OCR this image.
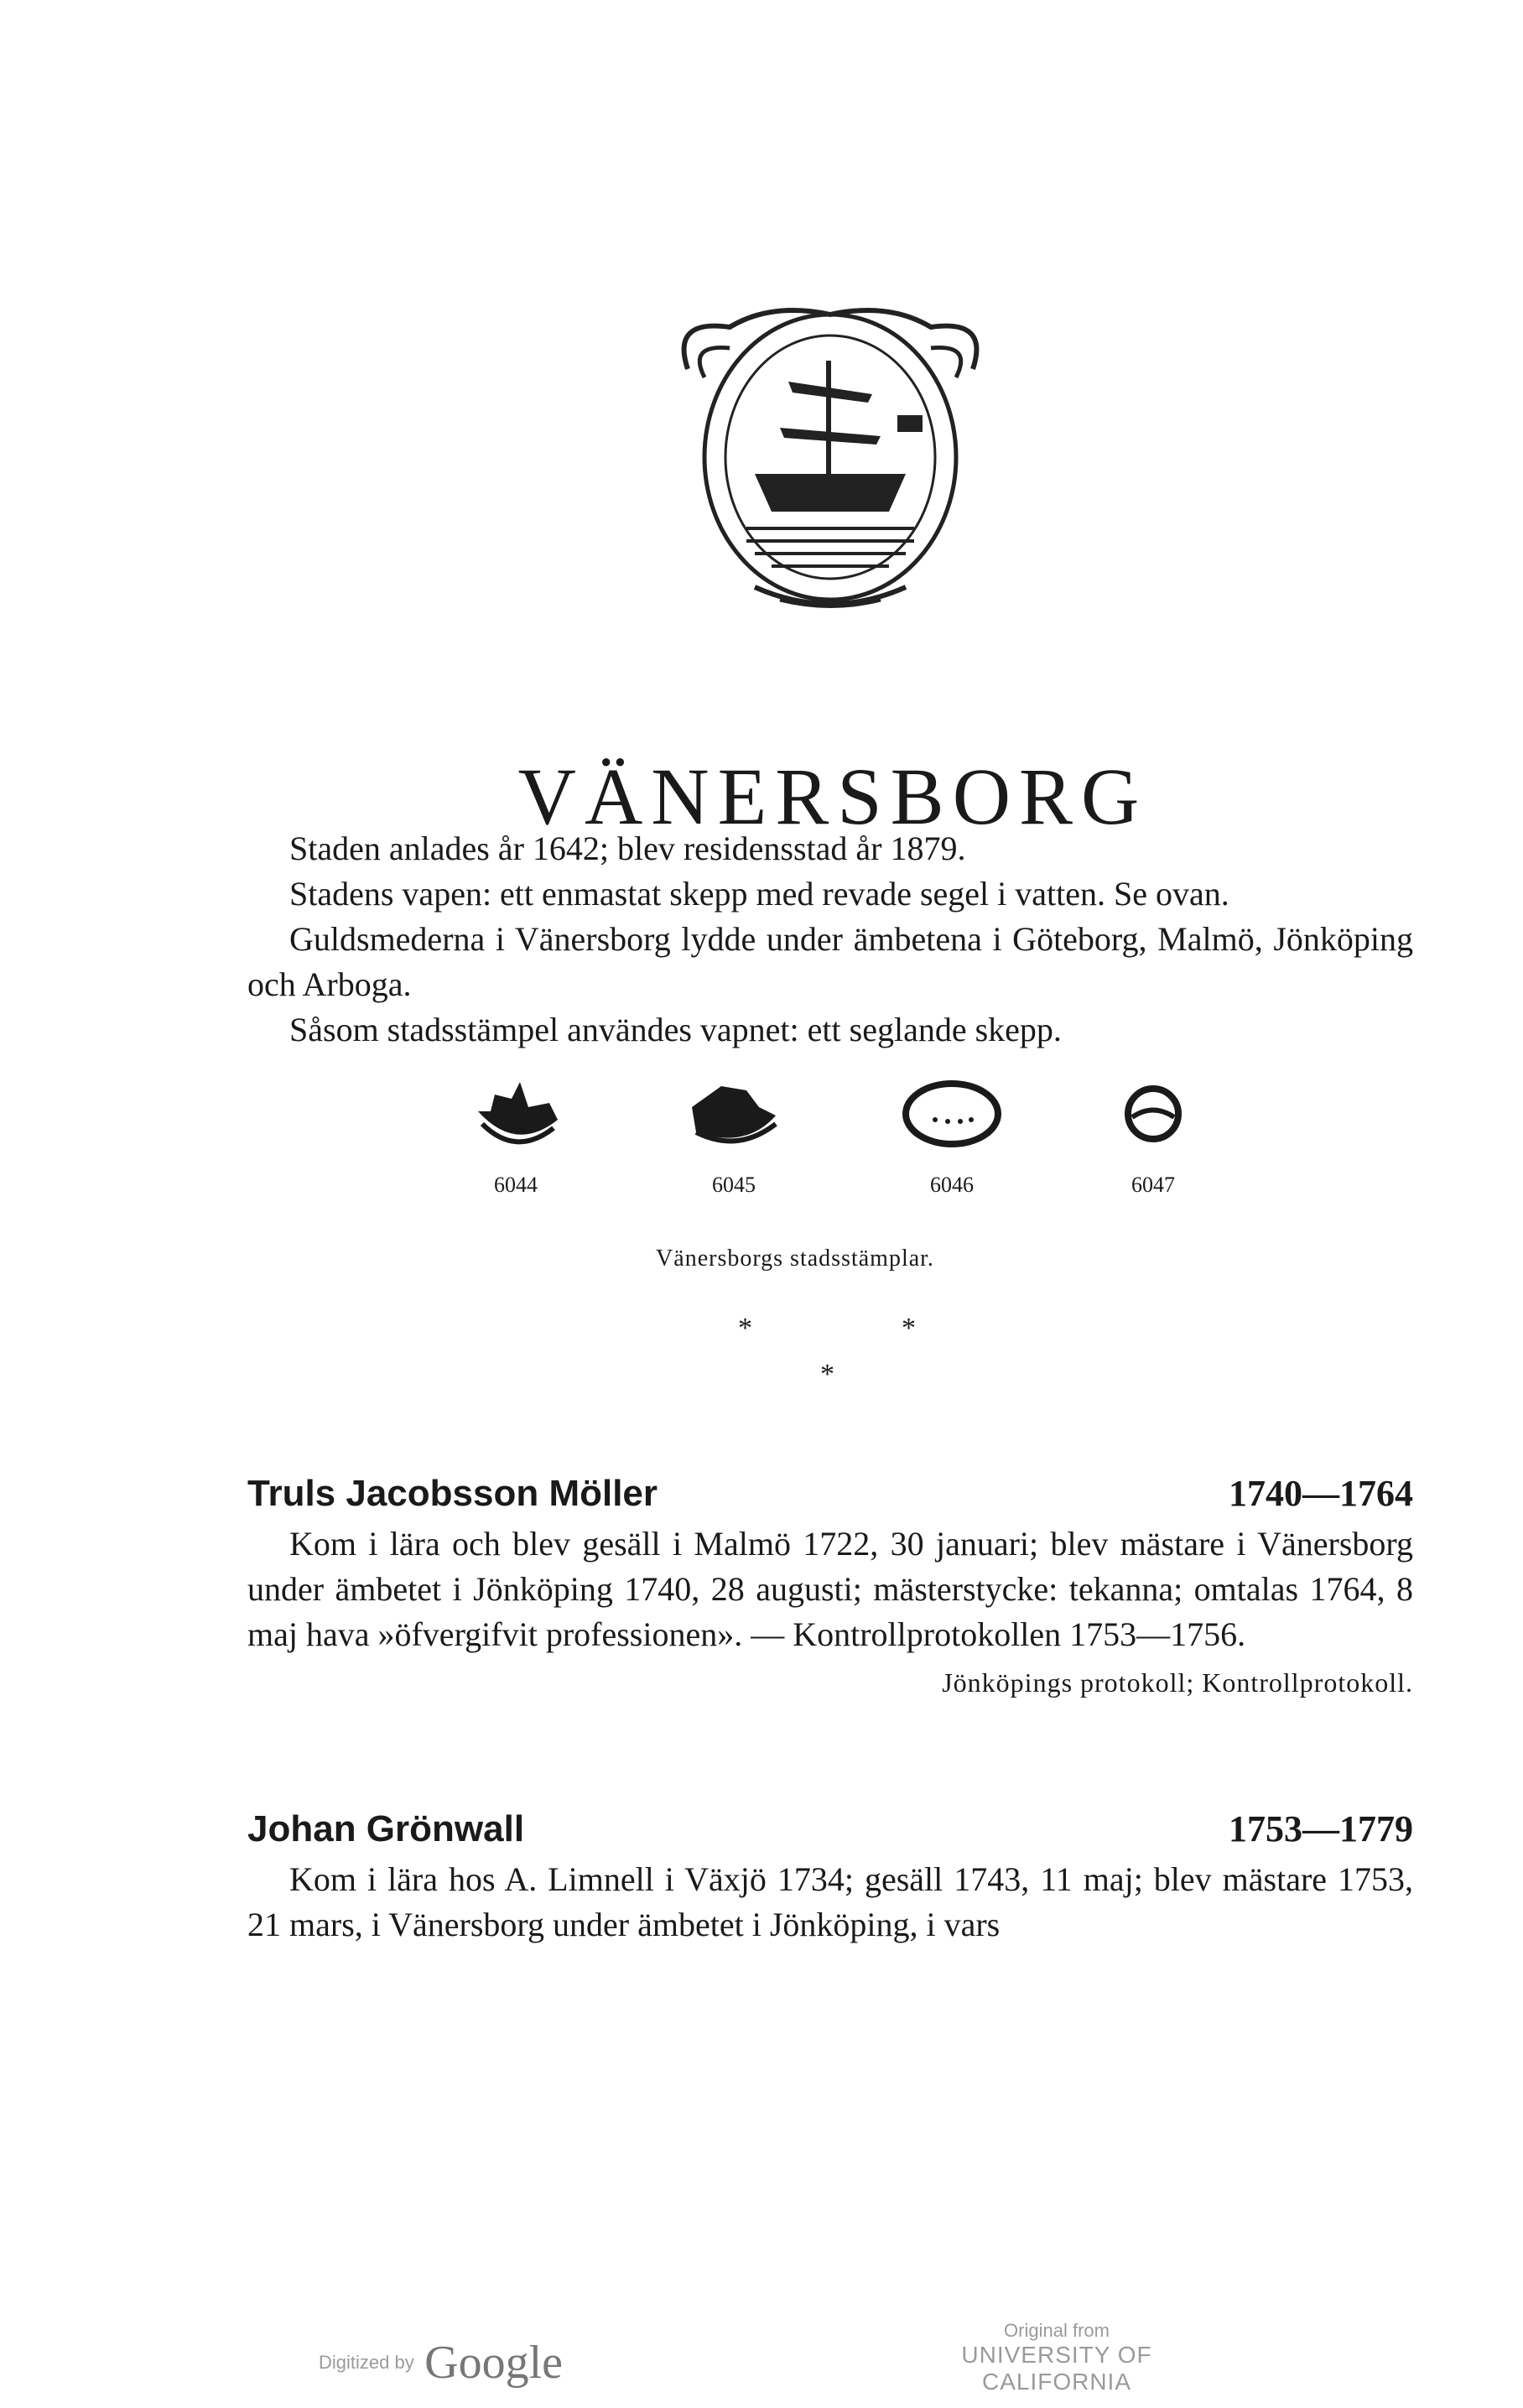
VÄNERSBORG

Staden anlades år 1642; blev residensstad år 1879.

Stadens vapen: ett enmastat skepp med revade segel i vatten. Se ovan.

Guldsmederna i Vänersborg lydde under ämbetena i Göteborg, Malmö, Jönköping och Arboga.

Såsom stadsstämpel användes vapnet: ett seglande skepp.

6044	6045	6046	6047
Vänersborgs stadsstämplar.
*	*
*
Truls Jacobsson Möller	1740—1764

Kom i lära och blev gesäll i Malmö 1722, 30 januari; blev mästare i Vänersborg under ämbetet i Jönköping 1740, 28 augusti; mästerstycke: tekanna; omtalas 1764, 8 maj hava »öfvergifvit professionen». — Kontrollprotokollen 1753—1756.

Jönköpings protokoll; Kontrollprotokoll.
Johan Grönwall	1753—1779

Kom i lära hos A. Limnell i Växjö 1734; gesäll 1743, 11 maj; blev mästare 1753, 21 mars, i Vänersborg under ämbetet i Jönköping, i vars

Digitized by Google
Original from
UNIVERSITY OF CALIFORNIA
